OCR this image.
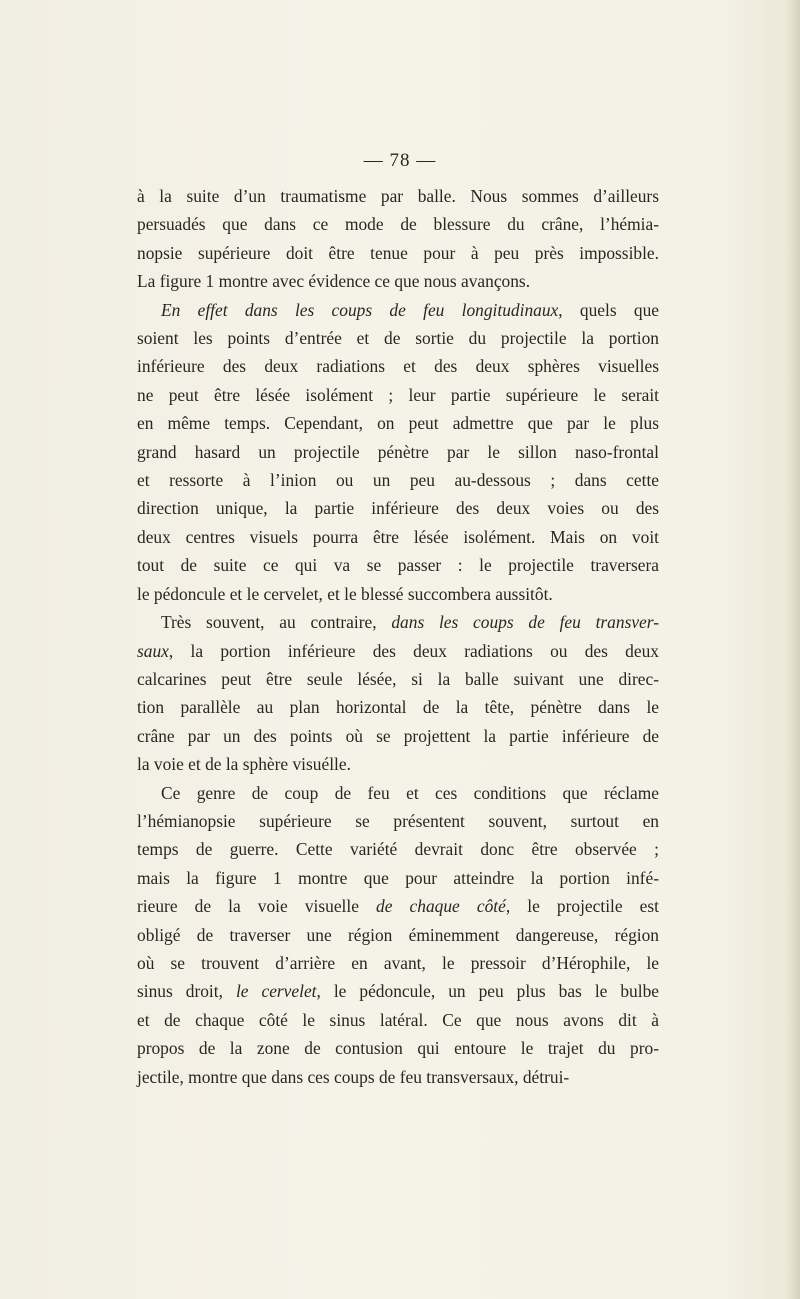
— 78 —

à la suite d’un traumatisme par balle. Nous sommes d’ailleurs
persuadés que dans ce mode de blessure du crâne, l’hémia-
nopsie supérieure doit être tenue pour à peu près impossible.
La figure 1 montre avec évidence ce que nous avançons.

En effet dans les coups de feu longitudinaux, quels que
soient les points d’entrée et de sortie du projectile la portion
inférieure des deux radiations et des deux sphères visuelles
ne peut être lésée isolément ; leur partie supérieure le serait
en même temps. Cependant, on peut admettre que par le plus
grand hasard un projectile pénètre par le sillon naso-frontal
et ressorte à l’inion ou un peu au-dessous ; dans cette
direction unique, la partie inférieure des deux voies ou des
deux centres visuels pourra être lésée isolément. Mais on voit
tout de suite ce qui va se passer : le projectile traversera
le pédoncule et le cervelet, et le blessé succombera aussitôt.

Très souvent, au contraire, dans les coups de feu transver-
saux, la portion inférieure des deux radiations ou des deux
calcarines peut être seule lésée, si la balle suivant une direc-
tion parallèle au plan horizontal de la tête, pénètre dans le
crâne par un des points où se projettent la partie inférieure de
la voie et de la sphère visuélle.

Ce genre de coup de feu et ces conditions que réclame
l’hémianopsie supérieure se présentent souvent, surtout en
temps de guerre. Cette variété devrait donc être observée ;
mais la figure 1 montre que pour atteindre la portion infé-
rieure de la voie visuelle de chaque côté, le projectile est
obligé de traverser une région éminemment dangereuse, région
où se trouvent d’arrière en avant, le pressoir d’Hérophile, le
sinus droit, le cervelet, le pédoncule, un peu plus bas le bulbe
et de chaque côté le sinus latéral. Ce que nous avons dit à
propos de la zone de contusion qui entoure le trajet du pro-
jectile, montre que dans ces coups de feu transversaux, détrui-
